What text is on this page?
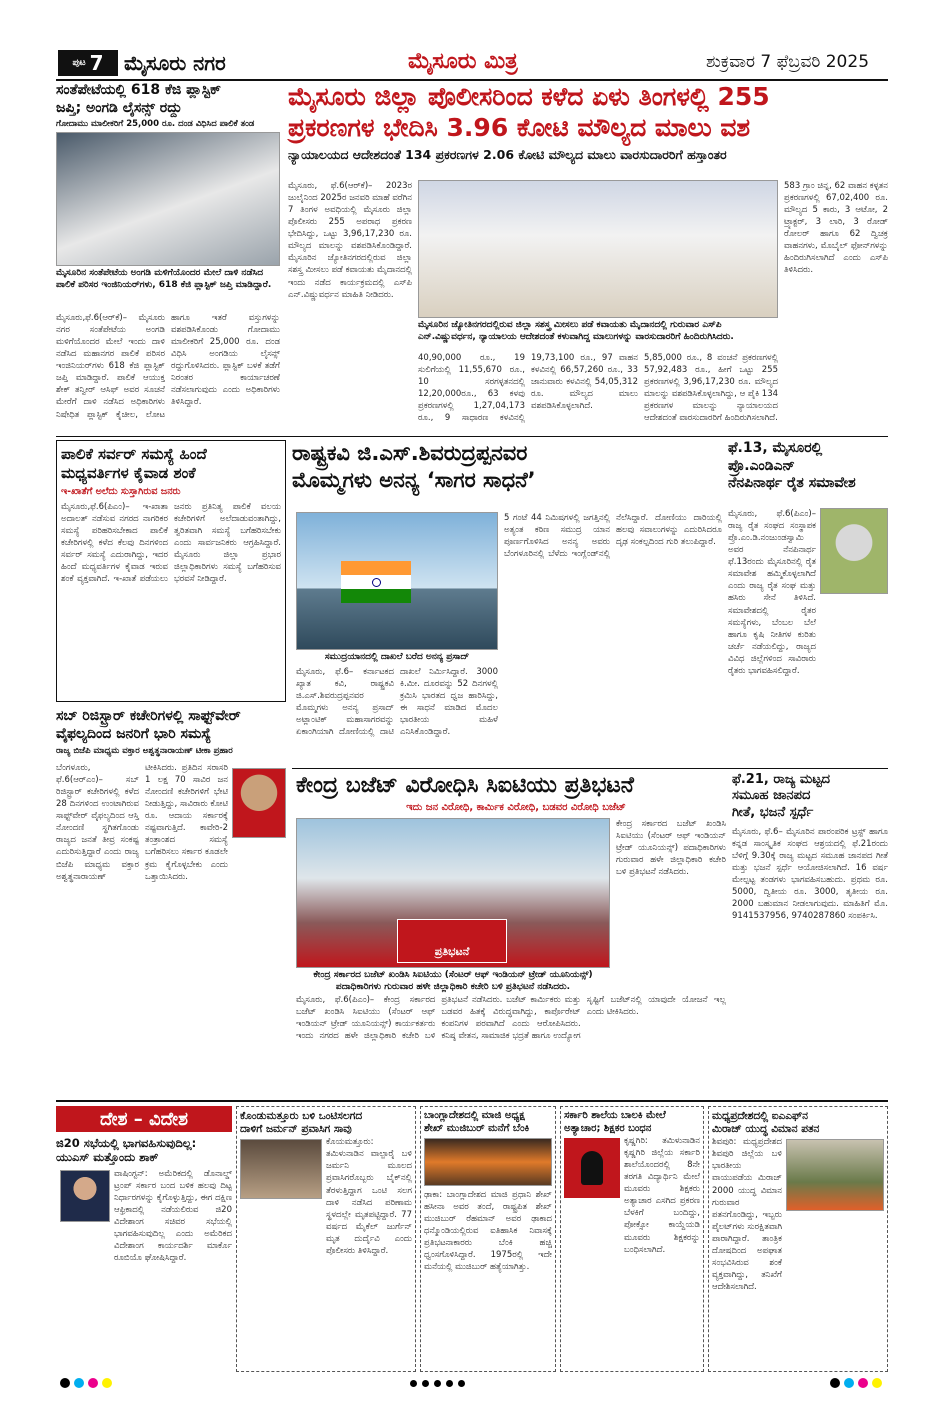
ಪುಟ 7 ಮೈಸೂರು ನಗರ	ಮೈಸೂರು ಮಿತ್ರ	ಶುಕ್ರವಾರ 7 ಫೆಬ್ರವರಿ 2025
ಸಂತೆಪೇಟೆಯಲ್ಲಿ 618 ಕೆಜಿ ಪ್ಲಾಸ್ಟಿಕ್
ಜಪ್ತಿ; ಅಂಗಡಿ ಲೈಸನ್ಸ್ ರದ್ದು
ಗೋದಾಮು ಮಾಲೀಕರಿಗೆ 25,000 ರೂ. ದಂಡ ವಿಧಿಸಿದ ಪಾಲಿಕೆ ತಂಡ
ಮೈಸೂರಿನ ಸಂತೆಪೇಟೆಯ ಅಂಗಡಿ ಮಳಿಗೆಯೊಂದರ ಮೇಲೆ ದಾಳಿ ನಡೆಸಿದ ಪಾಲಿಕೆ ಪರಿಸರ ಇಂಜಿನಿಯರ್‌ಗಳು, 618 ಕೆಜಿ ಪ್ಲಾಸ್ಟಿಕ್ ಜಪ್ತಿ ಮಾಡಿದ್ದಾರೆ.
ಮೈಸೂರು,ಫೆ.6(ಆರ್‌ಕೆ)– ಮೈಸೂರು ನಗರ ಸಂತೆಪೇಟೆಯ ಅಂಗಡಿ ಮಳಿಗೆಯೊಂದರ ಮೇಲೆ ಇಂದು ದಾಳಿ ನಡೆಸಿದ ಮಹಾನಗರ ಪಾಲಿಕೆ ಪರಿಸರ ಇಂಜಿನಿಯರ್‌ಗಳು 618 ಕೆಜಿ ಪ್ಲಾಸ್ಟಿಕ್ ಜಪ್ತಿ ಮಾಡಿದ್ದಾರೆ. ಪಾಲಿಕೆ ಆಯುಕ್ತ ಶೇಕ್ ತನ್ವೀರ್ ಆಸಿಫ್ ಅವರ ಸೂಚನೆ ಮೇರೆಗೆ ದಾಳಿ ನಡೆಸಿದ ಅಧಿಕಾರಿಗಳು ನಿಷೇಧಿತ ಪ್ಲಾಸ್ಟಿಕ್ ಕೈಚೀಲ, ಲೋಟ ಹಾಗೂ ಇತರೆ ವಸ್ತುಗಳನ್ನು ವಶಪಡಿಸಿಕೊಂಡು ಗೋದಾಮು ಮಾಲೀಕರಿಗೆ 25,000 ರೂ. ದಂಡ ವಿಧಿಸಿ ಅಂಗಡಿಯ ಲೈಸನ್ಸ್ ರದ್ದುಗೊಳಿಸಿದರು. ಪ್ಲಾಸ್ಟಿಕ್ ಬಳಕೆ ತಡೆಗೆ ನಿರಂತರ ಕಾರ್ಯಾಚರಣೆ ನಡೆಸಲಾಗುವುದು ಎಂದು ಅಧಿಕಾರಿಗಳು ತಿಳಿಸಿದ್ದಾರೆ.
ಮೈಸೂರು ಜಿಲ್ಲಾ ಪೊಲೀಸರಿಂದ ಕಳೆದ ಏಳು ತಿಂಗಳಲ್ಲಿ 255
ಪ್ರಕರಣಗಳ ಭೇದಿಸಿ 3.96 ಕೋಟಿ ಮೌಲ್ಯದ ಮಾಲು ವಶ
ನ್ಯಾಯಾಲಯದ ಆದೇಶದಂತೆ 134 ಪ್ರಕರಣಗಳ 2.06 ಕೋಟಿ ಮೌಲ್ಯದ ಮಾಲು ವಾರಸುದಾರರಿಗೆ ಹಸ್ತಾಂತರ
ಮೈಸೂರು, ಫೆ.6(ಆರ್‌ಕೆ)– 2023ರ ಜುಲೈನಿಂದ 2025ರ ಜನವರಿ ಮಾಹೆ ವರೆಗಿನ 7 ತಿಂಗಳ ಅವಧಿಯಲ್ಲಿ ಮೈಸೂರು ಜಿಲ್ಲಾ ಪೊಲೀಸರು 255 ಅಪರಾಧ ಪ್ರಕರಣ ಭೇದಿಸಿದ್ದು, ಒಟ್ಟು 3,96,17,230 ರೂ. ಮೌಲ್ಯದ ಮಾಲನ್ನು ವಶಪಡಿಸಿಕೊಂಡಿದ್ದಾರೆ. ಮೈಸೂರಿನ ಜ್ಯೋತಿನಗರದಲ್ಲಿರುವ ಜಿಲ್ಲಾ ಸಶಸ್ತ್ರ ಮೀಸಲು ಪಡೆ ಕವಾಯತು ಮೈದಾನದಲ್ಲಿ ಇಂದು ನಡೆದ ಕಾರ್ಯಕ್ರಮದಲ್ಲಿ ಎಸ್‌ಪಿ ಎನ್.ವಿಷ್ಣುವರ್ಧನ ಮಾಹಿತಿ ನೀಡಿದರು.
ಮೈಸೂರಿನ ಜ್ಯೋತಿನಗರದಲ್ಲಿರುವ ಜಿಲ್ಲಾ ಸಶಸ್ತ್ರ ಮೀಸಲು ಪಡೆ ಕವಾಯತು ಮೈದಾನದಲ್ಲಿ ಗುರುವಾರ ಎಸ್‌ಪಿ ಎನ್.ವಿಷ್ಣುವರ್ಧನ, ನ್ಯಾಯಾಲಯ ಆದೇಶದಂತೆ ಕಳುವಾಗಿದ್ದ ಮಾಲುಗಳನ್ನು ವಾರಸುದಾರರಿಗೆ ಹಿಂದಿರುಗಿಸಿದರು.
40,90,000 ರೂ., 19 ಸುಲಿಗೆಯಲ್ಲಿ 11,55,670 ರೂ., 10 ಸರಗಳ್ಳತನದಲ್ಲಿ 12,20,000ರೂ., 63 ಕಳವು ಪ್ರಕರಣಗಳಲ್ಲಿ 1,27,04,173 ರೂ., 9 ಸಾಧಾರಣ ಕಳವಿನಲ್ಲಿ 19,73,100 ರೂ., 97 ವಾಹನ ಕಳವಿನಲ್ಲಿ 66,57,260 ರೂ., 33 ಜಾನುವಾರು ಕಳವಿನಲ್ಲಿ 54,05,312 ರೂ. ಮೌಲ್ಯದ ಮಾಲು ವಶಪಡಿಸಿಕೊಳ್ಳಲಾಗಿದೆ.
5,85,000 ರೂ., 8 ವಂಚನೆ ಪ್ರಕರಣಗಳಲ್ಲಿ 57,92,483 ರೂ., ಹೀಗೆ ಒಟ್ಟು 255 ಪ್ರಕರಣಗಳಲ್ಲಿ 3,96,17,230 ರೂ. ಮೌಲ್ಯದ ಮಾಲನ್ನು ವಶಪಡಿಸಿಕೊಳ್ಳಲಾಗಿದ್ದು, ಆ ಪೈಕಿ 134 ಪ್ರಕರಣಗಳ ಮಾಲನ್ನು ನ್ಯಾಯಾಲಯದ ಆದೇಶದಂತೆ ವಾರಸುದಾರರಿಗೆ ಹಿಂದಿರುಗಿಸಲಾಗಿದೆ.
583 ಗ್ರಾಂ ಚಿನ್ನ, 62 ವಾಹನ ಕಳ್ಳತನ ಪ್ರಕರಣಗಳಲ್ಲಿ 67,02,400 ರೂ. ಮೌಲ್ಯದ 5 ಕಾರು, 3 ಆಟೋ, 2 ಟ್ರ್ಯಾಕ್ಟರ್, 3 ಲಾರಿ, 3 ರೋಡ್ ರೋಲರ್ ಹಾಗೂ 62 ದ್ವಿಚಕ್ರ ವಾಹನಗಳು, ಮೊಬೈಲ್ ಫೋನ್‌ಗಳನ್ನು ಹಿಂದಿರುಗಿಸಲಾಗಿದೆ ಎಂದು ಎಸ್‌ಪಿ ತಿಳಿಸಿದರು.
ಪಾಲಿಕೆ ಸರ್ವರ್ ಸಮಸ್ಯೆ ಹಿಂದೆ
ಮಧ್ಯವರ್ತಿಗಳ ಕೈವಾಡ ಶಂಕೆ
ಇ-ಖಾತೆಗೆ ಅಲೆದು ಸುಸ್ತಾಗಿರುವ ಜನರು
ಮೈಸೂರು,ಫೆ.6(ಪಿಎಂ)– ಇ-ಖಾತಾ ಅದಾಲತ್ ನಡೆಸುವ ನಗರದ ನಾಗರಿಕರ ಸಮಸ್ಯೆ ಪರಿಹರಿಸಬೇಕಾದ ಪಾಲಿಕೆ ಕಚೇರಿಗಳಲ್ಲಿ ಕಳೆದ ಕೆಲವು ದಿನಗಳಿಂದ ಸರ್ವರ್ ಸಮಸ್ಯೆ ಎದುರಾಗಿದ್ದು, ಇದರ ಹಿಂದೆ ಮಧ್ಯವರ್ತಿಗಳ ಕೈವಾಡ ಇರುವ ಶಂಕೆ ವ್ಯಕ್ತವಾಗಿದೆ. ಇ-ಖಾತೆ ಪಡೆಯಲು ಜನರು ಪ್ರತಿನಿತ್ಯ ಪಾಲಿಕೆ ವಲಯ ಕಚೇರಿಗಳಿಗೆ ಅಲೆದಾಡುವಂತಾಗಿದ್ದು, ತ್ವರಿತವಾಗಿ ಸಮಸ್ಯೆ ಬಗೆಹರಿಸಬೇಕು ಎಂದು ಸಾರ್ವಜನಿಕರು ಆಗ್ರಹಿಸಿದ್ದಾರೆ. ಮೈಸೂರು ಜಿಲ್ಲಾ ಪ್ರಭಾರ ಜಿಲ್ಲಾಧಿಕಾರಿಗಳು ಸಮಸ್ಯೆ ಬಗೆಹರಿಸುವ ಭರವಸೆ ನೀಡಿದ್ದಾರೆ.
ಸಬ್ ರಿಜಿಸ್ಟ್ರಾರ್ ಕಚೇರಿಗಳಲ್ಲಿ ಸಾಫ್ಟ್‌ವೇರ್
ವೈಫಲ್ಯದಿಂದ ಜನರಿಗೆ ಭಾರಿ ಸಮಸ್ಯೆ
ರಾಜ್ಯ ಬಿಜೆಪಿ ಮಾಧ್ಯಮ ವಕ್ತಾರ ಅಶ್ವತ್ಥನಾರಾಯಣ್ ಟೀಕಾ ಪ್ರಹಾರ
ಬೆಂಗಳೂರು, ಫೆ.6(ಆರ್‌ಎಂ)– ಸಬ್ ರಿಜಿಸ್ಟ್ರಾರ್ ಕಚೇರಿಗಳಲ್ಲಿ ಕಳೆದ 28 ದಿನಗಳಿಂದ ಉಂಟಾಗಿರುವ ಸಾಫ್ಟ್‌ವೇರ್ ವೈಫಲ್ಯದಿಂದ ಆಸ್ತಿ ನೋಂದಣಿ ಸ್ಥಗಿತಗೊಂಡು ರಾಜ್ಯದ ಜನತೆ ತೀವ್ರ ಸಂಕಷ್ಟ ಎದುರಿಸುತ್ತಿದ್ದಾರೆ ಎಂದು ರಾಜ್ಯ ಬಿಜೆಪಿ ಮಾಧ್ಯಮ ವಕ್ತಾರ ಅಶ್ವತ್ಥನಾರಾಯಣ್ ಟೀಕಿಸಿದರು. ಪ್ರತಿದಿನ ಸರಾಸರಿ 1 ಲಕ್ಷ 70 ಸಾವಿರ ಜನ ನೋಂದಣಿ ಕಚೇರಿಗಳಿಗೆ ಭೇಟಿ ನೀಡುತ್ತಿದ್ದು, ಸಾವಿರಾರು ಕೋಟಿ ರೂ. ಆದಾಯ ಸರ್ಕಾರಕ್ಕೆ ನಷ್ಟವಾಗುತ್ತಿದೆ. ಕಾವೇರಿ-2 ತಂತ್ರಾಂಶದ ಸಮಸ್ಯೆ ಬಗೆಹರಿಸಲು ಸರ್ಕಾರ ಕೂಡಲೇ ಕ್ರಮ ಕೈಗೊಳ್ಳಬೇಕು ಎಂದು ಒತ್ತಾಯಿಸಿದರು.
ರಾಷ್ಟ್ರಕವಿ ಜಿ.ಎಸ್.ಶಿವರುದ್ರಪ್ಪನವರ
ಮೊಮ್ಮಗಳು ಅನನ್ಯ ‘ಸಾಗರ ಸಾಧನೆ’
ಸಮುದ್ರಯಾನದಲ್ಲಿ ದಾಖಲೆ ಬರೆದ ಅನನ್ಯ ಪ್ರಸಾದ್
ಮೈಸೂರು, ಫೆ.6– ಕರ್ನಾಟಕದ ಖ್ಯಾತ ಕವಿ, ರಾಷ್ಟ್ರಕವಿ ಜಿ.ಎಸ್.ಶಿವರುದ್ರಪ್ಪನವರ ಮೊಮ್ಮಗಳು ಅನನ್ಯ ಪ್ರಸಾದ್ ಅಟ್ಲಾಂಟಿಕ್ ಮಹಾಸಾಗರವನ್ನು ಏಕಾಂಗಿಯಾಗಿ ದೋಣಿಯಲ್ಲಿ ದಾಟಿ ದಾಖಲೆ ನಿರ್ಮಿಸಿದ್ದಾರೆ. 3000 ಕಿ.ಮೀ. ದೂರವನ್ನು 52 ದಿನಗಳಲ್ಲಿ ಕ್ರಮಿಸಿ ಭಾರತದ ಧ್ವಜ ಹಾರಿಸಿದ್ದು, ಈ ಸಾಧನೆ ಮಾಡಿದ ಮೊದಲ ಭಾರತೀಯ ಮಹಿಳೆ ಎನಿಸಿಕೊಂಡಿದ್ದಾರೆ.
5 ಗಂಟೆ 44 ನಿಮಿಷಗಳಲ್ಲಿ ಜಗತ್ತಿನಲ್ಲಿ ಅತ್ಯಂತ ಕಠಿಣ ಸಮುದ್ರ ಯಾನ ಪೂರ್ಣಗೊಳಿಸಿದ ಅನನ್ಯ ಅವರು ಬೆಂಗಳೂರಿನಲ್ಲಿ ಬೆಳೆದು ಇಂಗ್ಲೆಂಡ್‌ನಲ್ಲಿ ನೆಲೆಸಿದ್ದಾರೆ. ದೋಣಿಯು ದಾರಿಯಲ್ಲಿ ಹಲವು ಸವಾಲುಗಳನ್ನು ಎದುರಿಸಿದರೂ ದೃಢ ಸಂಕಲ್ಪದಿಂದ ಗುರಿ ತಲುಪಿದ್ದಾರೆ.
ಫೆ.13, ಮೈಸೂರಲ್ಲಿ ಪ್ರೊ.ಎಂಡಿಎನ್
ನೆನಪಿನಾರ್ಥ ರೈತ ಸಮಾವೇಶ
ಮೈಸೂರು, ಫೆ.6(ಪಿಎಂ)– ರಾಜ್ಯ ರೈತ ಸಂಘದ ಸಂಸ್ಥಾಪಕ ಪ್ರೊ.ಎಂ.ಡಿ.ನಂಜುಂಡಸ್ವಾಮಿ ಅವರ ನೆನಪಿನಾರ್ಥ ಫೆ.13ರಂದು ಮೈಸೂರಿನಲ್ಲಿ ರೈತ ಸಮಾವೇಶ ಹಮ್ಮಿಕೊಳ್ಳಲಾಗಿದೆ ಎಂದು ರಾಜ್ಯ ರೈತ ಸಂಘ ಮತ್ತು ಹಸಿರು ಸೇನೆ ತಿಳಿಸಿದೆ. ಸಮಾವೇಶದಲ್ಲಿ ರೈತರ ಸಮಸ್ಯೆಗಳು, ಬೆಂಬಲ ಬೆಲೆ ಹಾಗೂ ಕೃಷಿ ನೀತಿಗಳ ಕುರಿತು ಚರ್ಚೆ ನಡೆಯಲಿದ್ದು, ರಾಜ್ಯದ ವಿವಿಧ ಜಿಲ್ಲೆಗಳಿಂದ ಸಾವಿರಾರು ರೈತರು ಭಾಗವಹಿಸಲಿದ್ದಾರೆ.
ಕೇಂದ್ರ ಬಜೆಟ್ ವಿರೋಧಿಸಿ ಸಿಐಟಿಯು ಪ್ರತಿಭಟನೆ
ಇದು ಜನ ವಿರೋಧಿ, ಕಾರ್ಮಿಕ ವಿರೋಧಿ, ಬಡವರ ವಿರೋಧಿ ಬಜೆಟ್
ಪ್ರತಿಭಟನೆ
ಕೇಂದ್ರ ಸರ್ಕಾರದ ಬಜೆಟ್ ಖಂಡಿಸಿ ಸಿಐಟಿಯು (ಸೆಂಟರ್ ಆಫ್ ಇಂಡಿಯನ್ ಟ್ರೇಡ್ ಯೂನಿಯನ್ಸ್) ಪದಾಧಿಕಾರಿಗಳು ಗುರುವಾರ ಹಳೇ ಜಿಲ್ಲಾಧಿಕಾರಿ ಕಚೇರಿ ಬಳಿ ಪ್ರತಿಭಟನೆ ನಡೆಸಿದರು.
ಮೈಸೂರು, ಫೆ.6(ಪಿಎಂ)– ಕೇಂದ್ರ ಸರ್ಕಾರದ ಬಜೆಟ್ ಖಂಡಿಸಿ ಸಿಐಟಿಯು (ಸೆಂಟರ್ ಆಫ್ ಇಂಡಿಯನ್ ಟ್ರೇಡ್ ಯೂನಿಯನ್ಸ್) ಕಾರ್ಯಕರ್ತರು ಇಂದು ನಗರದ ಹಳೇ ಜಿಲ್ಲಾಧಿಕಾರಿ ಕಚೇರಿ ಬಳಿ ಪ್ರತಿಭಟನೆ ನಡೆಸಿದರು. ಬಜೆಟ್ ಕಾರ್ಮಿಕರು ಮತ್ತು ಬಡವರ ಹಿತಕ್ಕೆ ವಿರುದ್ಧವಾಗಿದ್ದು, ಕಾರ್ಪೊರೇಟ್ ಕಂಪನಿಗಳ ಪರವಾಗಿದೆ ಎಂದು ಆರೋಪಿಸಿದರು. ಕನಿಷ್ಠ ವೇತನ, ಸಾಮಾಜಿಕ ಭದ್ರತೆ ಹಾಗೂ ಉದ್ಯೋಗ ಸೃಷ್ಟಿಗೆ ಬಜೆಟ್‌ನಲ್ಲಿ ಯಾವುದೇ ಯೋಜನೆ ಇಲ್ಲ ಎಂದು ಟೀಕಿಸಿದರು.
ಕೇಂದ್ರ ಸರ್ಕಾರದ ಬಜೆಟ್ ಖಂಡಿಸಿ ಸಿಐಟಿಯು (ಸೆಂಟರ್ ಆಫ್ ಇಂಡಿಯನ್ ಟ್ರೇಡ್ ಯೂನಿಯನ್ಸ್) ಪದಾಧಿಕಾರಿಗಳು ಗುರುವಾರ ಹಳೇ ಜಿಲ್ಲಾಧಿಕಾರಿ ಕಚೇರಿ ಬಳಿ ಪ್ರತಿಭಟನೆ ನಡೆಸಿದರು.
ಫೆ.21, ರಾಜ್ಯ ಮಟ್ಟದ
ಸಮೂಹ ಜಾನಪದ
ಗೀತೆ, ಭಜನೆ ಸ್ಪರ್ಧೆ
ಮೈಸೂರು, ಫೆ.6– ಮೈಸೂರಿನ ಪಾರಂಪರಿಕ ಟ್ರಸ್ಟ್ ಹಾಗೂ ಕನ್ನಡ ಸಾಂಸ್ಕೃತಿಕ ಸಂಘದ ಆಶ್ರಯದಲ್ಲಿ ಫೆ.21ರಂದು ಬೆಳಿಗ್ಗೆ 9.30ಕ್ಕೆ ರಾಜ್ಯ ಮಟ್ಟದ ಸಮೂಹ ಜಾನಪದ ಗೀತೆ ಮತ್ತು ಭಜನೆ ಸ್ಪರ್ಧೆ ಆಯೋಜಿಸಲಾಗಿದೆ. 16 ವರ್ಷ ಮೇಲ್ಪಟ್ಟ ತಂಡಗಳು ಭಾಗವಹಿಸಬಹುದು. ಪ್ರಥಮ ರೂ. 5000, ದ್ವಿತೀಯ ರೂ. 3000, ತೃತೀಯ ರೂ. 2000 ಬಹುಮಾನ ನೀಡಲಾಗುವುದು. ಮಾಹಿತಿಗೆ ಮೊ. 9141537956, 9740287860 ಸಂಪರ್ಕಿಸಿ.
ದೇಶ – ವಿದೇಶ
ಜಿ20 ಸಭೆಯಲ್ಲಿ ಭಾಗವಹಿಸುವುದಿಲ್ಲ:
ಯುಎಸ್ ಮತ್ತೊಂದು ಶಾಕ್
ವಾಷಿಂಗ್ಟನ್: ಅಮೆರಿಕದಲ್ಲಿ ಡೊನಾಲ್ಡ್ ಟ್ರಂಪ್ ಸರ್ಕಾರ ಬಂದ ಬಳಿಕ ಹಲವು ದಿಟ್ಟ ನಿರ್ಧಾರಗಳನ್ನು ಕೈಗೊಳ್ಳುತ್ತಿದ್ದು, ಈಗ ದಕ್ಷಿಣ ಆಫ್ರಿಕಾದಲ್ಲಿ ನಡೆಯಲಿರುವ ಜಿ20 ವಿದೇಶಾಂಗ ಸಚಿವರ ಸಭೆಯಲ್ಲಿ ಭಾಗವಹಿಸುವುದಿಲ್ಲ ಎಂದು ಅಮೆರಿಕದ ವಿದೇಶಾಂಗ ಕಾರ್ಯದರ್ಶಿ ಮಾರ್ಕೊ ರೂಬಿಯೊ ಘೋಷಿಸಿದ್ದಾರೆ.
ಕೊಂಡುಮತ್ತೂರು ಬಳಿ ಒಂಟಿಸಲಗದ
ದಾಳಿಗೆ ಜರ್ಮನ್ ಪ್ರವಾಸಿಗ ಸಾವು
ಕೊಯಮತ್ತೂರು: ತಮಿಳುನಾಡಿನ ವಾಲ್ಪಾರೈ ಬಳಿ ಜರ್ಮನಿ ಮೂಲದ ಪ್ರವಾಸಿಗರೊಬ್ಬರು ಬೈಕ್‌ನಲ್ಲಿ ತೆರಳುತ್ತಿದ್ದಾಗ ಒಂಟಿ ಸಲಗ ದಾಳಿ ನಡೆಸಿದ ಪರಿಣಾಮ ಸ್ಥಳದಲ್ಲೇ ಮೃತಪಟ್ಟಿದ್ದಾರೆ. 77 ವರ್ಷದ ಮೈಕೆಲ್ ಜುರ್ಗೆನ್ ಮೃತ ದುರ್ದೈವಿ ಎಂದು ಪೊಲೀಸರು ತಿಳಿಸಿದ್ದಾರೆ.
ಬಾಂಗ್ಲಾದೇಶದಲ್ಲಿ ಮಾಜಿ ಅಧ್ಯಕ್ಷ
ಶೇಖ್ ಮುಜಿಬುರ್ ಮನೆಗೆ ಬೆಂಕಿ
ಢಾಕಾ: ಬಾಂಗ್ಲಾದೇಶದ ಮಾಜಿ ಪ್ರಧಾನಿ ಶೇಖ್ ಹಸೀನಾ ಅವರ ತಂದೆ, ರಾಷ್ಟ್ರಪಿತ ಶೇಖ್ ಮುಜಿಬುರ್ ರೆಹಮಾನ್ ಅವರ ಢಾಕಾದ ಧನ್ಮೊಂಡಿಯಲ್ಲಿರುವ ಐತಿಹಾಸಿಕ ನಿವಾಸಕ್ಕೆ ಪ್ರತಿಭಟನಾಕಾರರು ಬೆಂಕಿ ಹಚ್ಚಿ ಧ್ವಂಸಗೊಳಿಸಿದ್ದಾರೆ. 1975ರಲ್ಲಿ ಇದೇ ಮನೆಯಲ್ಲಿ ಮುಜಿಬುರ್ ಹತ್ಯೆಯಾಗಿತ್ತು.
ಸರ್ಕಾರಿ ಶಾಲೆಯ ಬಾಲಕಿ ಮೇಲೆ
ಅತ್ಯಾಚಾರ; ಶಿಕ್ಷಕರ ಬಂಧನ
ಕೃಷ್ಣಗಿರಿ: ತಮಿಳುನಾಡಿನ ಕೃಷ್ಣಗಿರಿ ಜಿಲ್ಲೆಯ ಸರ್ಕಾರಿ ಶಾಲೆಯೊಂದರಲ್ಲಿ 8ನೇ ತರಗತಿ ವಿದ್ಯಾರ್ಥಿನಿ ಮೇಲೆ ಮೂವರು ಶಿಕ್ಷಕರು ಅತ್ಯಾಚಾರ ಎಸಗಿದ ಪ್ರಕರಣ ಬೆಳಕಿಗೆ ಬಂದಿದ್ದು, ಪೋಕ್ಸೋ ಕಾಯ್ದೆಯಡಿ ಮೂವರು ಶಿಕ್ಷಕರನ್ನು ಬಂಧಿಸಲಾಗಿದೆ.
ಮಧ್ಯಪ್ರದೇಶದಲ್ಲಿ ಐಎಎಫ್‌ನ
ಮಿರಾಜ್ ಯುದ್ಧ ವಿಮಾನ ಪತನ
ಶಿವಪುರಿ: ಮಧ್ಯಪ್ರದೇಶದ ಶಿವಪುರಿ ಜಿಲ್ಲೆಯ ಬಳಿ ಭಾರತೀಯ ವಾಯುಪಡೆಯ ಮಿರಾಜ್ 2000 ಯುದ್ಧ ವಿಮಾನ ಗುರುವಾರ ಪತನಗೊಂಡಿದ್ದು, ಇಬ್ಬರು ಪೈಲಟ್‌ಗಳು ಸುರಕ್ಷಿತವಾಗಿ ಪಾರಾಗಿದ್ದಾರೆ. ತಾಂತ್ರಿಕ ದೋಷದಿಂದ ಅಪಘಾತ ಸಂಭವಿಸಿರುವ ಶಂಕೆ ವ್ಯಕ್ತವಾಗಿದ್ದು, ತನಿಖೆಗೆ ಆದೇಶಿಸಲಾಗಿದೆ.
